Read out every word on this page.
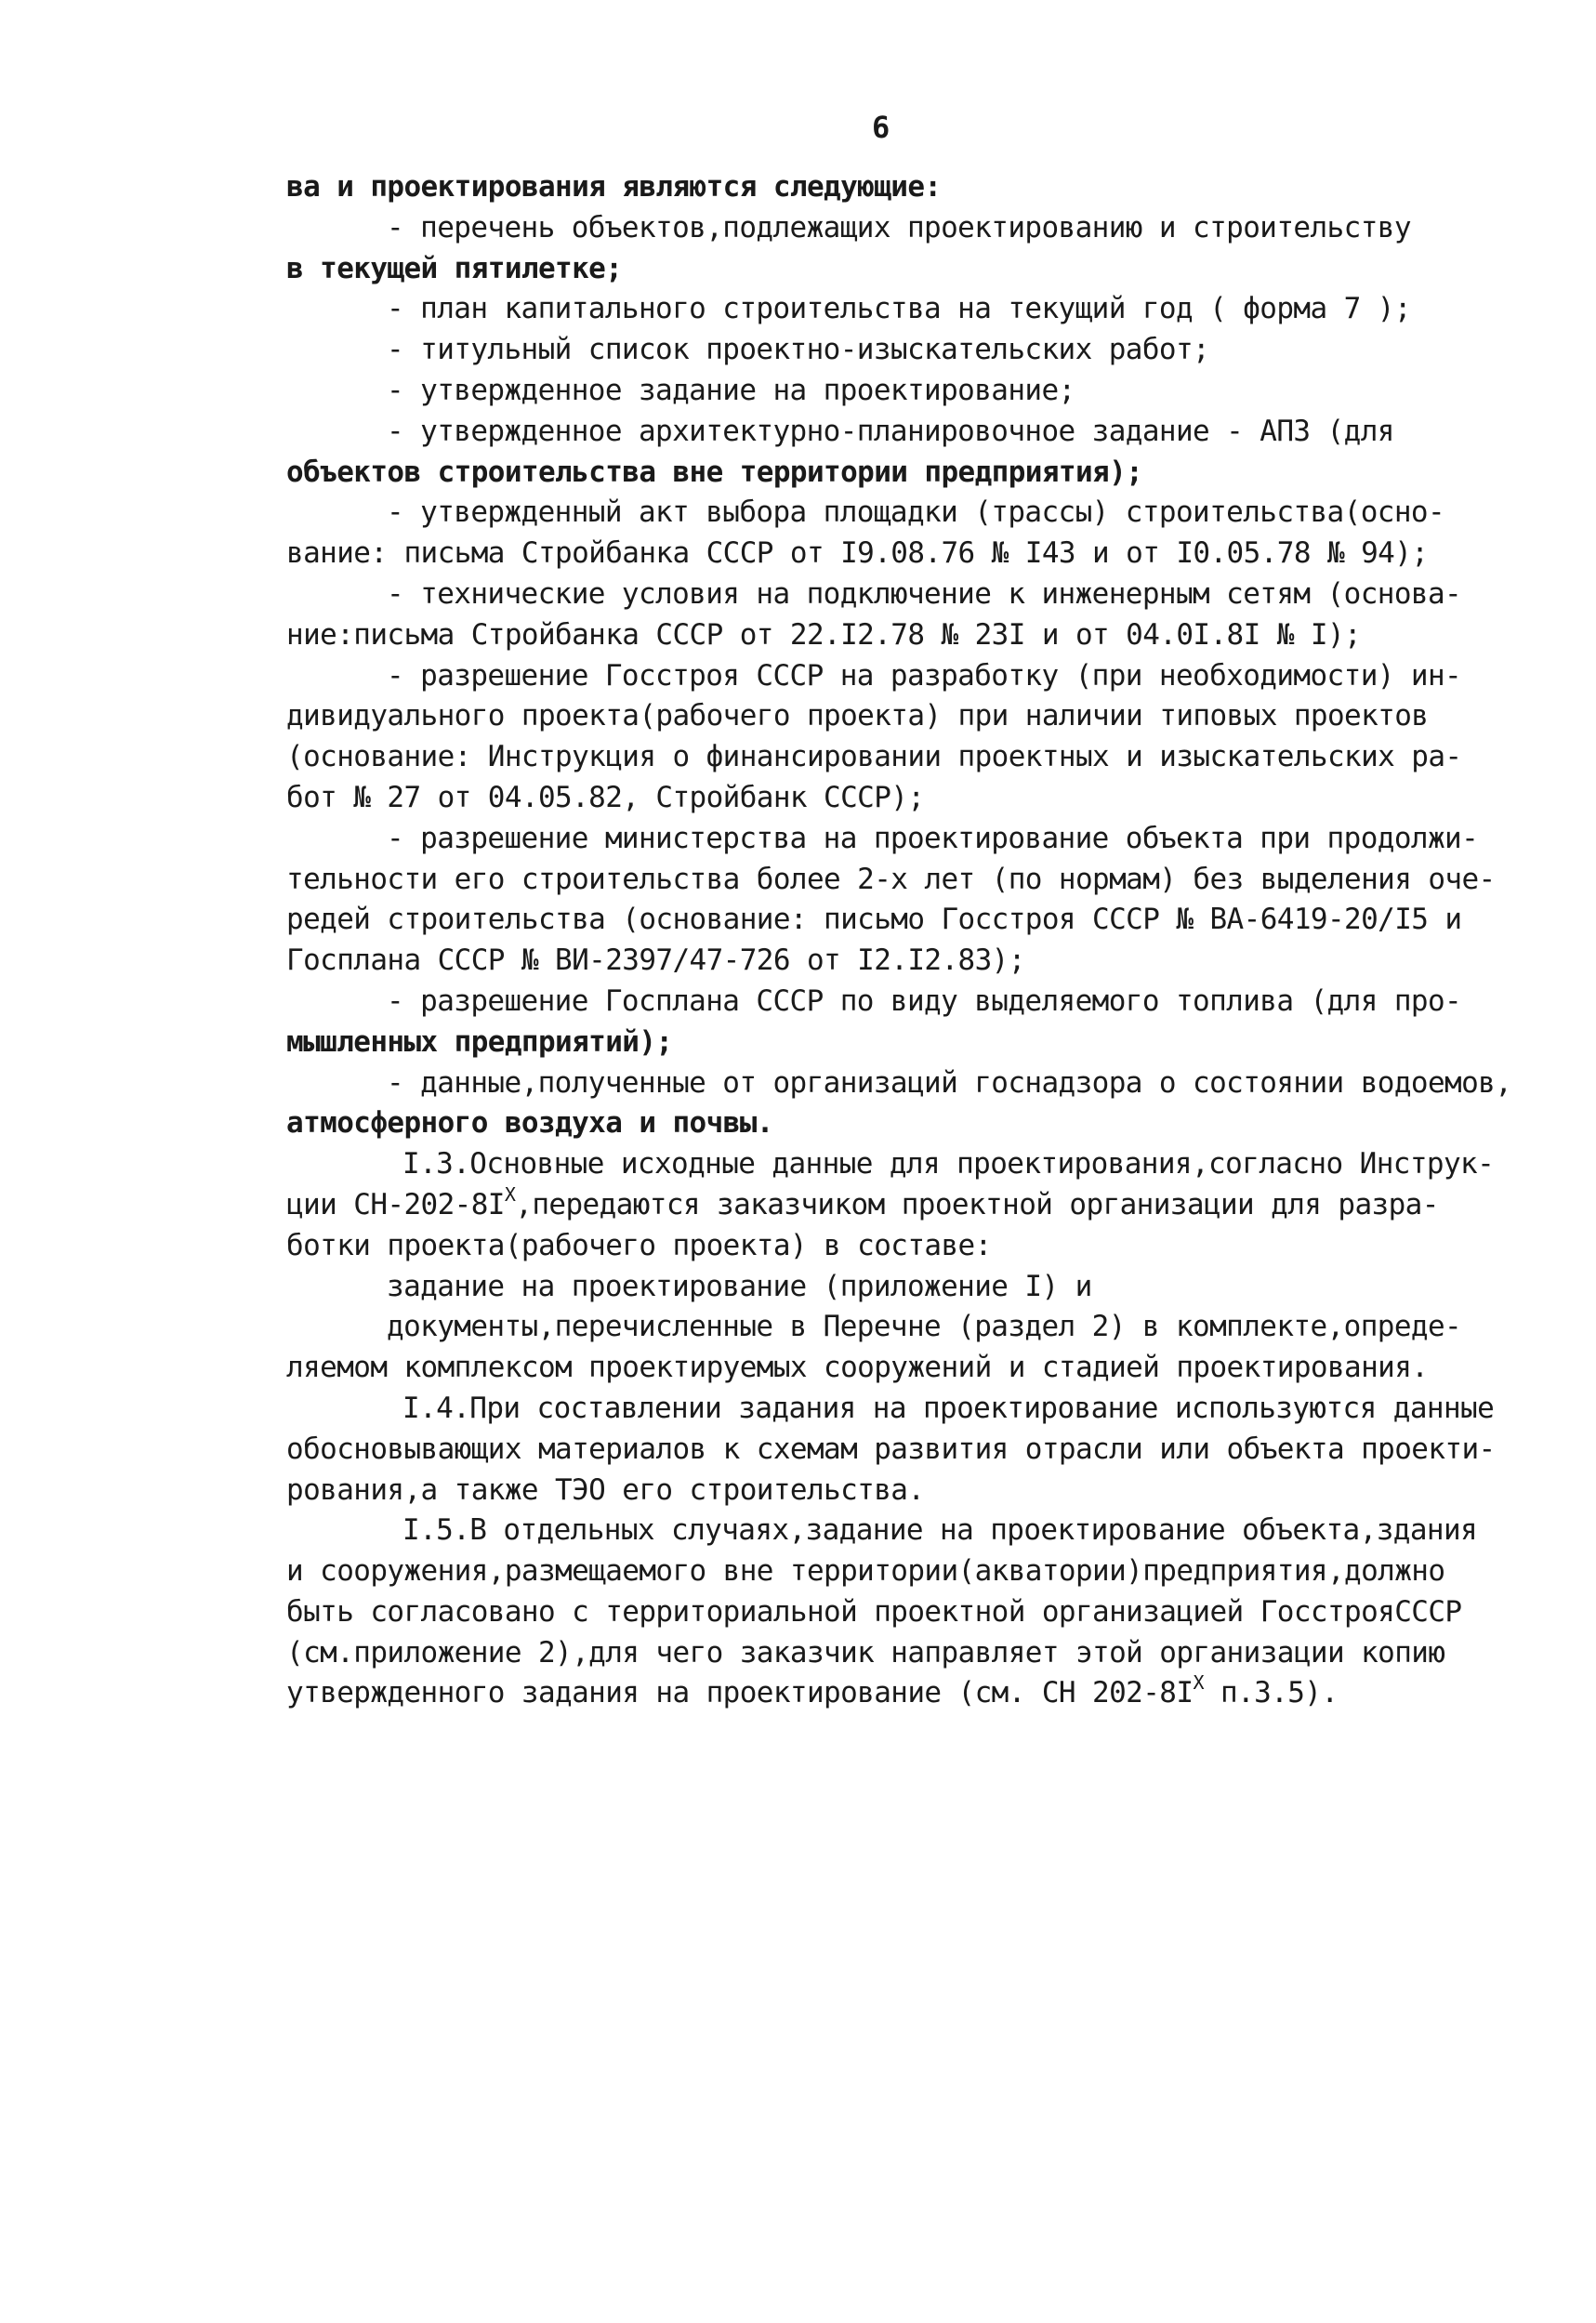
6
ва и проектирования являются следующие:
- перечень объектов,подлежащих проектированию и строительству
в текущей пятилетке;
- план капитального строительства на текущий год ( форма 7 );
- титульный список проектно-изыскательских работ;
- утвержденное задание на проектирование;
- утвержденное архитектурно-планировочное задание - АПЗ (для
объектов строительства вне территории предприятия);
- утвержденный акт выбора площадки (трассы) строительства(осно-
вание: письма Стройбанка СССР от I9.08.76 № I43 и от I0.05.78 № 94);
- технические условия на подключение к инженерным сетям (основа-
ние:письма Стройбанка СССР от 22.I2.78 № 23I и от 04.0I.8I № I);
- разрешение Госстроя СССР на разработку (при необходимости) ин-
дивидуального проекта(рабочего проекта) при наличии типовых проектов
(основание: Инструкция о финансировании проектных и изыскательских ра-
бот № 27 от 04.05.82, Стройбанк СССР);
- разрешение министерства на проектирование объекта при продолжи-
тельности его строительства более 2-х лет (по нормам) без выделения оче-
редей строительства (основание: письмо Госстроя СССР № ВА-6419-20/I5 и
Госплана СССР № ВИ-2397/47-726 от I2.I2.83);
- разрешение Госплана СССР по виду выделяемого топлива (для про-
мышленных предприятий);
- данные,полученные от организаций госнадзора о состоянии водоемов,
атмосферного воздуха и почвы.
I.3.Основные исходные данные для проектирования,согласно Инструк-
ции $СН-202-8I^X,передаются$ заказчиком проектной организации для разра-
ботки проекта(рабочего проекта) в составе:
задание на проектирование (приложение I) и
документы,перечисленные в Перечне (раздел 2) в комплекте,опреде-
ляемом комплексом проектируемых сооружений и стадией проектирования.
I.4.При составлении задания на проектирование используются данные
обосновывающих материалов к схемам развития отрасли или объекта проекти-
рования,а также ТЭО его строительства.
I.5.В отдельных случаях,задание на проектирование объекта,здания
и сооружения,размещаемого вне территории(акватории)предприятия,должно
быть согласовано с территориальной проектной организацией ГосстрояСССР
(см.приложение 2),для чего заказчик направляет этой организации копию
утвержденного задания на проектирование (см. СН $202-8I^X$ п.3.5).
